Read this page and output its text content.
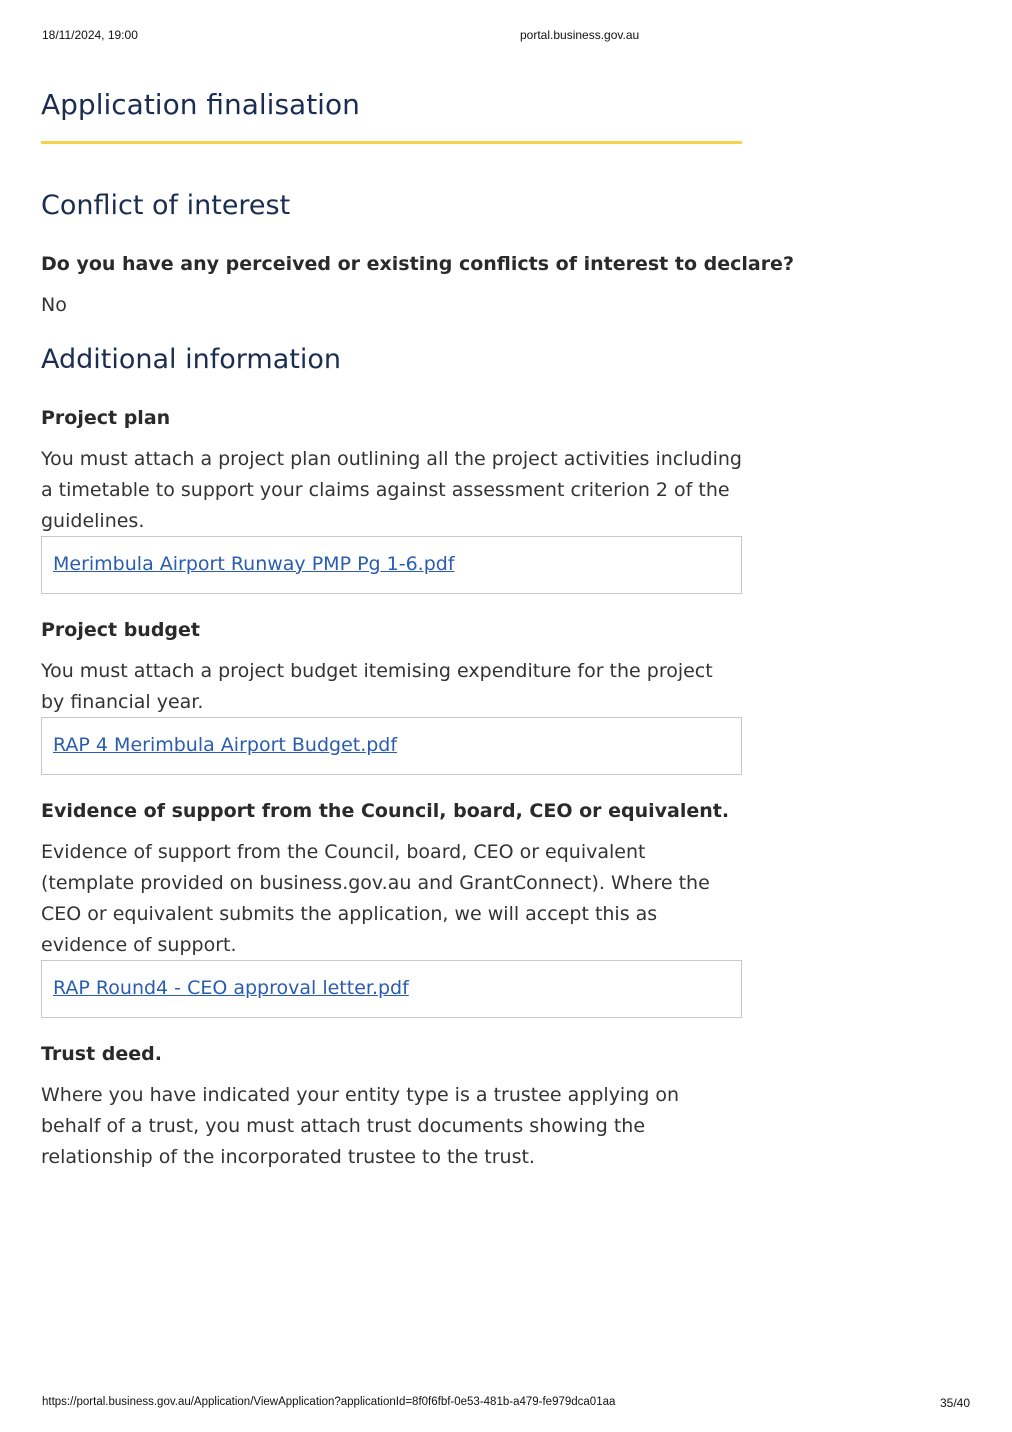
18/11/2024, 19:00	portal.business.gov.au
Application finalisation
Conflict of interest

Do you have any perceived or existing conflicts of interest to declare?

No

Additional information

Project plan

You must attach a project plan outlining all the project activities including a timetable to support your claims against assessment criterion 2 of the guidelines.

Merimbula Airport Runway PMP Pg 1-6.pdf

Project budget

You must attach a project budget itemising expenditure for the project by financial year.

RAP 4 Merimbula Airport Budget.pdf

Evidence of support from the Council, board, CEO or equivalent.

Evidence of support from the Council, board, CEO or equivalent (template provided on business.gov.au and GrantConnect). Where the CEO or equivalent submits the application, we will accept this as evidence of support.

RAP Round4 - CEO approval letter.pdf

Trust deed.

Where you have indicated your entity type is a trustee applying on behalf of a trust, you must attach trust documents showing the relationship of the incorporated trustee to the trust.

https://portal.business.gov.au/Application/ViewApplication?applicationId=8f0f6fbf-0e53-481b-a479-fe979dca01aa	35/40
